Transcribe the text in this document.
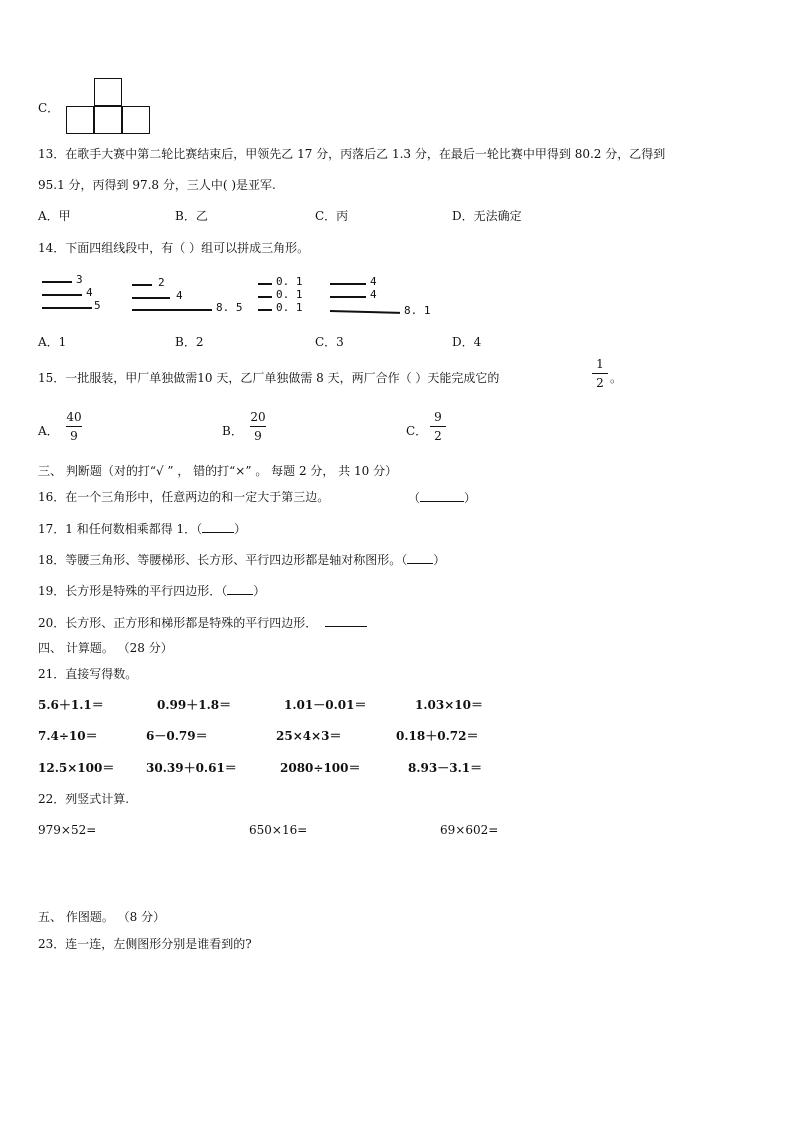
C．
13．在歌手大赛中第二轮比赛结束后，甲领先乙 17 分，丙落后乙 1.3 分，在最后一轮比赛中甲得到 80.2 分，乙得到
95.1 分，丙得到 97.8 分，三人中( )是亚军.
A．甲	B．乙	C．丙	D．无法确定
14．下面四组线段中，有（ ）组可以拼成三角形。
3
4
5
2
4
8. 5
0. 1
0. 1
0. 1
4
4
8. 1
A．1	B．2	C．3	D．4
15．一批服装，甲厂单独做需10 天，乙厂单独做需 8 天，两厂合作（ ）天能完成它的
1
2 。
A．
40
9	B．
20
9	C．
9
2
三、 判断题（对的打“√ ” ， 错的打“×” 。 每题 2 分， 共 10 分）
16．在一个三角形中，任意两边的和一定大于第三边。	（	）
17．1 和任何数相乘都得 1．（	）
18．等腰三角形、等腰梯形、长方形、平行四边形都是轴对称图形。（ ）
19．长方形是特殊的平行四边形．（ ）
20．长方形、正方形和梯形都是特殊的平行四边形．
四、 计算题。 （28 分）
21．直接写得数。
5.6＋1.1＝	0.99＋1.8＝	1.01－0.01＝	1.03×10＝
7.4÷10＝	6－0.79＝	25×4×3＝	0.18＋0.72＝
12.5×100＝	30.39＋0.61＝	2080÷100＝	8.93－3.1＝
22．列竖式计算.
979×52=	650×16=	69×602=
五、 作图题。 （8 分）
23．连一连，左侧图形分别是谁看到的?
